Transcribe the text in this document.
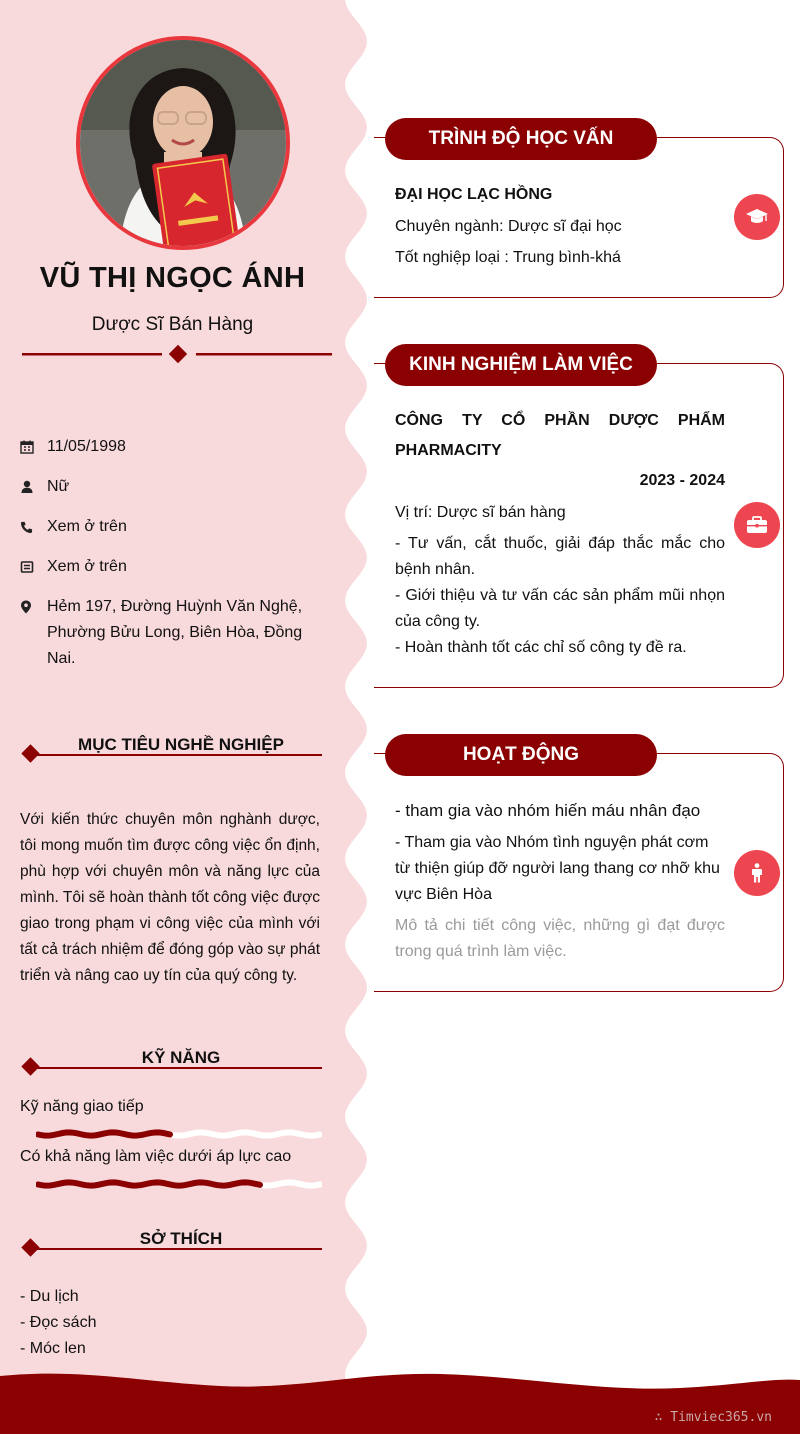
VŨ THỊ NGỌC ÁNH
Dược Sĩ Bán Hàng
11/05/1998
Nữ
Xem ở trên
Xem ở trên
Hẻm 197, Đường Huỳnh Văn Nghệ, Phường Bửu Long, Biên Hòa, Đồng Nai.
MỤC TIÊU NGHỀ NGHIỆP
Với kiến thức chuyên môn nghành dược, tôi mong muốn tìm được công việc ổn định, phù hợp với chuyên môn và năng lực của mình. Tôi sẽ hoàn thành tốt công việc được giao trong phạm vi công việc của mình với tất cả trách nhiệm để đóng góp vào sự phát triển và nâng cao uy tín của quý công ty.
KỸ NĂNG
Kỹ năng giao tiếp
Có khả năng làm việc dưới áp lực cao
SỞ THÍCH
- Du lịch
- Đọc sách
- Móc len
TRÌNH ĐỘ HỌC VẤN
ĐẠI HỌC LẠC HỒNG
Chuyên ngành: Dược sĩ đại học
Tốt nghiệp loại : Trung bình-khá
KINH NGHIỆM LÀM VIỆC
CÔNG TY CỔ PHẦN DƯỢC PHẨM PHARMACITY
2023 - 2024
Vị trí: Dược sĩ bán hàng
- Tư vấn, cắt thuốc, giải đáp thắc mắc cho bệnh nhân.
- Giới thiệu và tư vấn các sản phẩm mũi nhọn của công ty.
- Hoàn thành tốt các chỉ số công ty đề ra.
HOẠT ĐỘNG
- tham gia vào nhóm hiến máu nhân đạo
- Tham gia vào Nhóm tình nguyện phát cơm từ thiện giúp đỡ người lang thang cơ nhỡ khu vực Biên Hòa
Mô tả chi tiết công việc, những gì đạt được trong quá trình làm việc.
∴ Timviec365.vn
